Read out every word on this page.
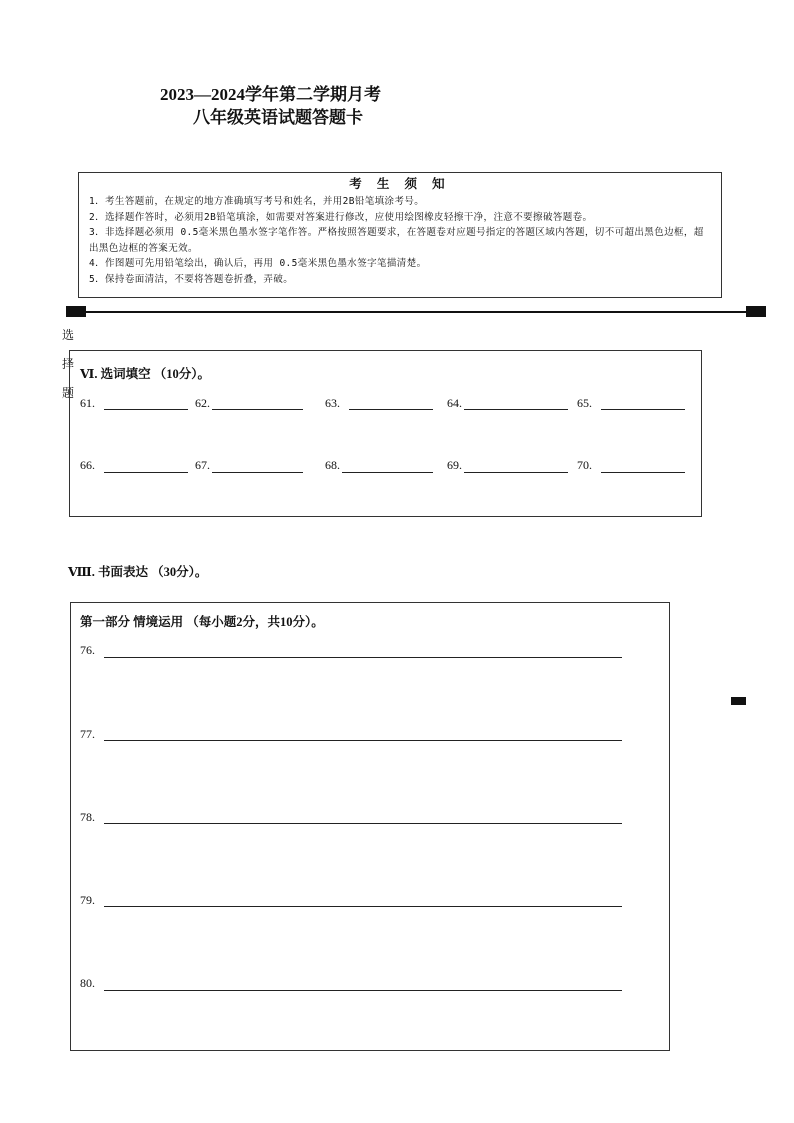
2023—2024学年第二学期月考
八年级英语试题答题卡
考 生 须 知
1．考生答题前，在规定的地方准确填写考号和姓名，并用2B铅笔填涂考号。
2．选择题作答时，必须用2B铅笔填涂，如需要对答案进行修改，应使用绘图橡皮轻擦干净，注意不要擦破答题卷。
3．非选择题必须用 0.5毫米黑色墨水签字笔作答。严格按照答题要求，在答题卷对应题号指定的答题区域内答题，切不可超出黑色边框，超出黑色边框的答案无效。
4．作图题可先用铅笔绘出，确认后，再用 0.5毫米黑色墨水签字笔描清楚。
5．保持卷面清洁，不要将答题卷折叠，弄破。
选
择
题
Ⅵ. 选词填空 （10分）。
61.	62.	63.	64.	65.
66.	67.	68.	69.	70.
Ⅷ. 书面表达 （30分）。
第一部分 情境运用 （每小题2分，共10分）。
76.
77.
78.
79.
80.
